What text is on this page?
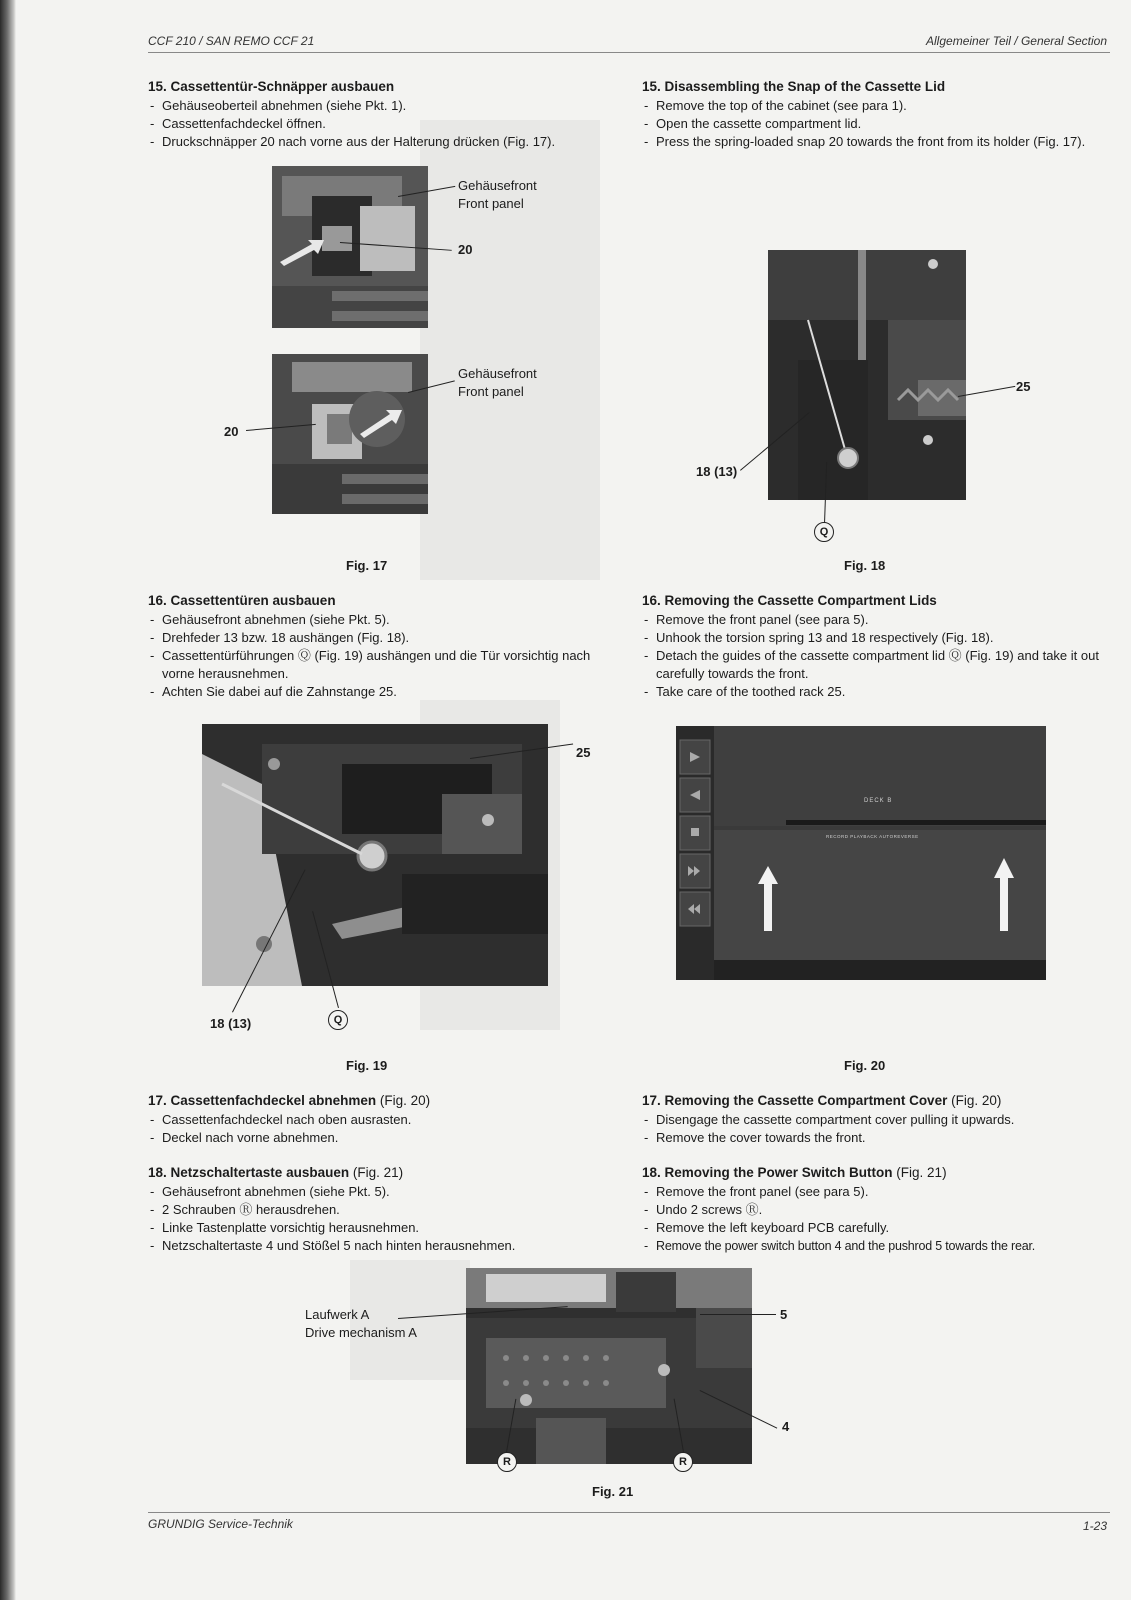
CCF 210 / SAN REMO CCF 21	Allgemeiner Teil / General Section
15. Cassettentür-Schnäpper ausbauen
- Gehäuseoberteil abnehmen (siehe Pkt. 1).
- Cassettenfachdeckel öffnen.
- Druckschnäpper 20 nach vorne aus der Halterung drücken (Fig. 17).
Gehäusefront
Front panel
20
Gehäusefront
Front panel
20
Fig. 17
16. Cassettentüren ausbauen
- Gehäusefront abnehmen (siehe Pkt. 5).
- Drehfeder 13 bzw. 18 aushängen (Fig. 18).
- Cassettentürführungen Ⓠ (Fig. 19) aushängen und die Tür vorsichtig nach vorne herausnehmen.
- Achten Sie dabei auf die Zahnstange 25.
25
18 (13)	Q
Fig. 19
17. Cassettenfachdeckel abnehmen (Fig. 20)
- Cassettenfachdeckel nach oben ausrasten.
- Deckel nach vorne abnehmen.
18. Netzschaltertaste ausbauen (Fig. 21)
- Gehäusefront abnehmen (siehe Pkt. 5).
- 2 Schrauben Ⓡ herausdrehen.
- Linke Tastenplatte vorsichtig herausnehmen.
- Netzschaltertaste 4 und Stößel 5 nach hinten herausnehmen.
15. Disassembling the Snap of the Cassette Lid
- Remove the top of the cabinet (see para 1).
- Open the cassette compartment lid.
- Press the spring-loaded snap 20 towards the front from its holder (Fig. 17).
25
18 (13)
Q
Fig. 18
16. Removing the Cassette Compartment Lids
- Remove the front panel (see para 5).
- Unhook the torsion spring 13 and 18 respectively (Fig. 18).
- Detach the guides of the cassette compartment lid Ⓠ (Fig. 19) and take it out carefully towards the front.
- Take care of the toothed rack 25.
DECK B
RECORD PLAYBACK AUTOREVERSE
Fig. 20
17. Removing the Cassette Compartment Cover (Fig. 20)
- Disengage the cassette compartment cover pulling it upwards.
- Remove the cover towards the front.
18. Removing the Power Switch Button (Fig. 21)
- Remove the front panel (see para 5).
- Undo 2 screws Ⓡ.
- Remove the left keyboard PCB carefully.
- Remove the power switch button 4 and the pushrod 5 towards the rear.
Laufwerk A
Drive mechanism A
5
4
R	R
Fig. 21
GRUNDIG Service-Technik	1-23
